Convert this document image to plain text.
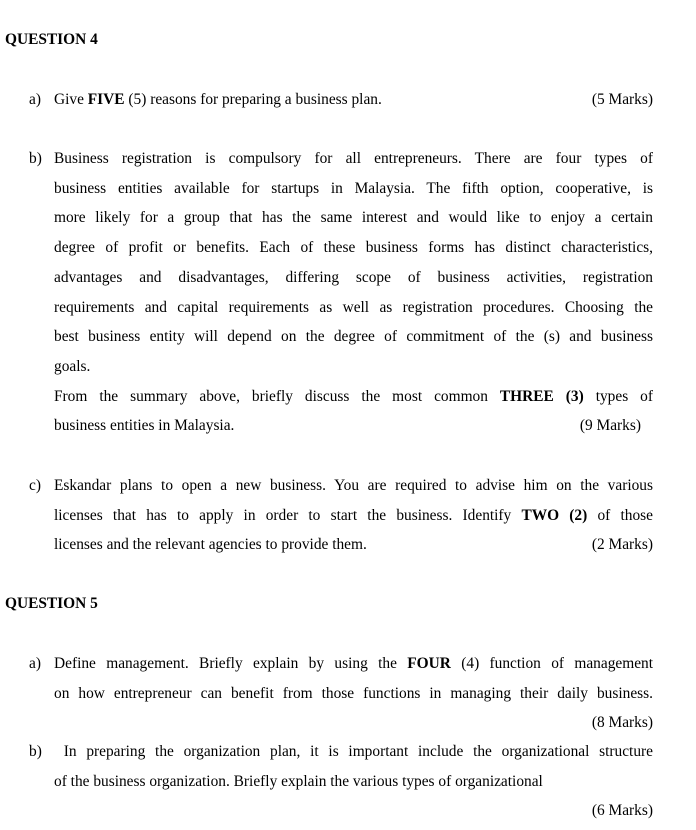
QUESTION 4
a) Give FIVE (5) reasons for preparing a business plan.	(5 Marks)
b) Business registration is compulsory for all entrepreneurs. There are four types of
business entities available for startups in Malaysia. The fifth option, cooperative, is
more likely for a group that has the same interest and would like to enjoy a certain
degree of profit or benefits. Each of these business forms has distinct characteristics,
advantages and disadvantages, differing scope of business activities, registration
requirements and capital requirements as well as registration procedures. Choosing the
best business entity will depend on the degree of commitment of the (s) and business
goals.
From the summary above, briefly discuss the most common THREE (3) types of
business entities in Malaysia.	(9 Marks)
c) Eskandar plans to open a new business. You are required to advise him on the various
licenses that has to apply in order to start the business. Identify TWO (2) of those
licenses and the relevant agencies to provide them.	(2 Marks)
QUESTION 5
a) Define management. Briefly explain by using the FOUR (4) function of management
on how entrepreneur can benefit from those functions in managing their daily business.
(8 Marks)
b) In preparing the organization plan, it is important include the organizational structure
of the business organization. Briefly explain the various types of organizational
(6 Marks)
